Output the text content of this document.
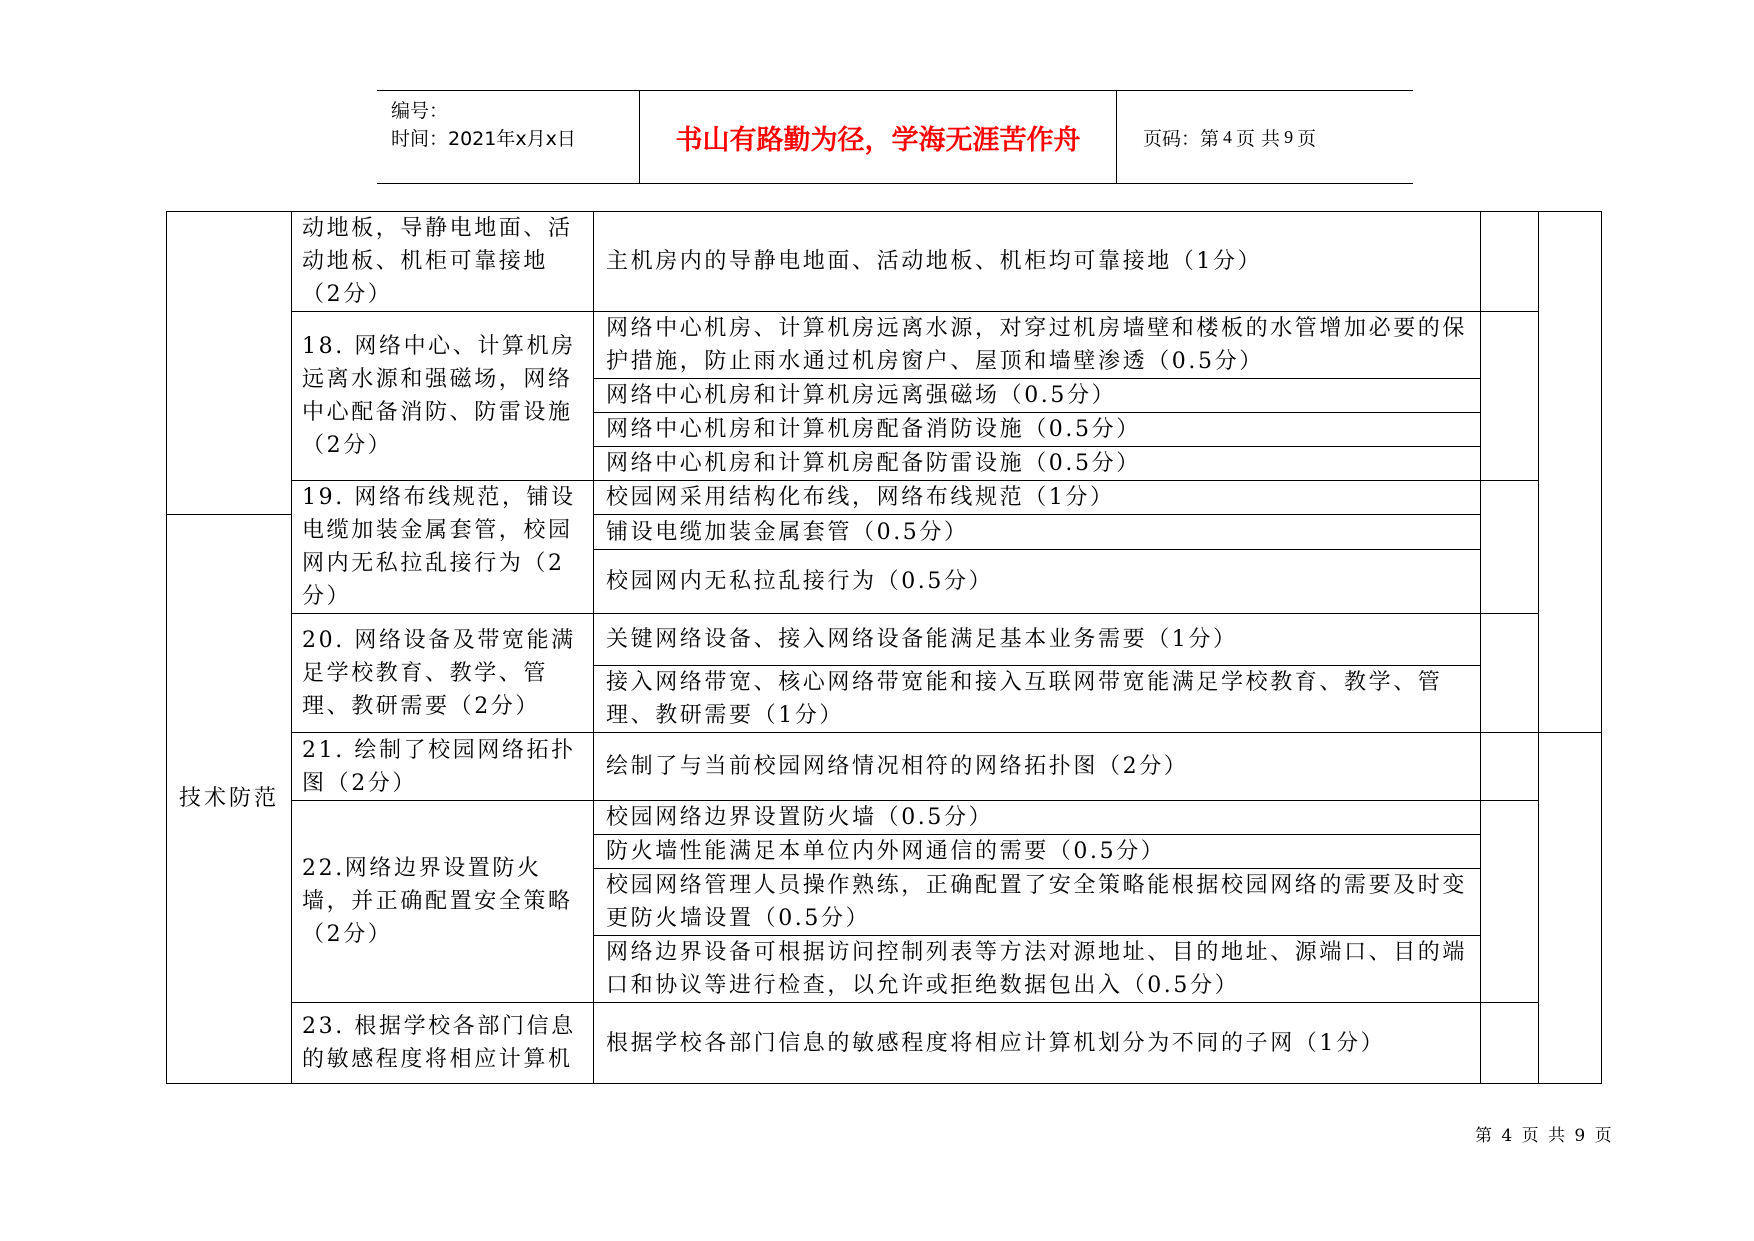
编号：
时间：2021年x月x日	书山有路勤为径，学海无涯苦作舟	页码：第 4 页 共 9 页
	动地板，导静电地面、活动地板、机柜可靠接地（2分）	主机房内的导静电地面、活动地板、机柜均可靠接地（1分）		
	18. 网络中心、计算机房远离水源和强磁场，网络中心配备消防、防雷设施（2分）	网络中心机房、计算机房远离水源，对穿过机房墙壁和楼板的水管增加必要的保护措施，防止雨水通过机房窗户、屋顶和墙壁渗透（0.5分）		
		网络中心机房和计算机房远离强磁场（0.5分）		
		网络中心机房和计算机房配备消防设施（0.5分）		
		网络中心机房和计算机房配备防雷设施（0.5分）		
	19. 网络布线规范，铺设电缆加装金属套管，校园网内无私拉乱接行为（2分）	校园网采用结构化布线，网络布线规范（1分）		
技术防范		铺设电缆加装金属套管（0.5分）		
		校园网内无私拉乱接行为（0.5分）		
	20. 网络设备及带宽能满足学校教育、教学、管理、教研需要（2分）	关键网络设备、接入网络设备能满足基本业务需要（1分）		
		接入网络带宽、核心网络带宽能和接入互联网带宽能满足学校教育、教学、管理、教研需要（1分）		
	21. 绘制了校园网络拓扑图（2分）	绘制了与当前校园网络情况相符的网络拓扑图（2分）		
	22.网络边界设置防火墙，并正确配置安全策略（2分）	校园网络边界设置防火墙（0.5分）		
		防火墙性能满足本单位内外网通信的需要（0.5分）		
		校园网络管理人员操作熟练，正确配置了安全策略能根据校园网络的需要及时变更防火墙设置（0.5分）		
		网络边界设备可根据访问控制列表等方法对源地址、目的地址、源端口、目的端口和协议等进行检查，以允许或拒绝数据包出入（0.5分）		
	23. 根据学校各部门信息的敏感程度将相应计算机	根据学校各部门信息的敏感程度将相应计算机划分为不同的子网（1分）		
第 4 页 共 9 页
